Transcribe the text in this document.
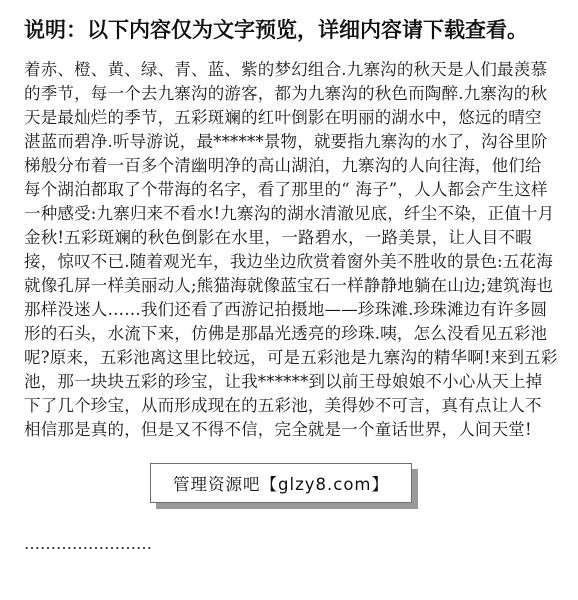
说明：以下内容仅为文字预览，详细内容请下载查看。
着赤、橙、黄、绿、青、蓝、紫的梦幻组合.九寨沟的秋天是人们最羡慕的季节，每一个去九寨沟的游客，都为九寨沟的秋色而陶醉.九寨沟的秋天是最灿烂的季节，五彩斑斓的红叶倒影在明丽的湖水中，悠远的晴空湛蓝而碧净.听导游说，最******景物，就要指九寨沟的水了，沟谷里阶梯般分布着一百多个清幽明净的高山湖泊，九寨沟的人向往海，他们给每个湖泊都取了个带海的名字，看了那里的“ 海子”，人人都会产生这样一种感受:九寨归来不看水!九寨沟的湖水清澈见底，纤尘不染，正值十月金秋!五彩斑斓的秋色倒影在水里，一路碧水，一路美景，让人目不暇接，惊叹不已.随着观光车，我边坐边欣赏着窗外美不胜收的景色:五花海就像孔屏一样美丽动人;熊猫海就像蓝宝石一样静静地躺在山边;建筑海也那样没迷人……我们还看了西游记拍摄地——珍珠滩.珍珠滩边有许多圆形的石头，水流下来，仿佛是那晶光透亮的珍珠.咦，怎么没看见五彩池呢?原来，五彩池离这里比较远，可是五彩池是九寨沟的精华啊!来到五彩池，那一块块五彩的珍宝，让我******到以前王母娘娘不小心从天上掉下了几个珍宝，从而形成现在的五彩池，美得妙不可言，真有点让人不相信那是真的，但是又不得不信，完全就是一个童话世界，人间天堂!
……………………
管理资源吧【glzy8.com】
